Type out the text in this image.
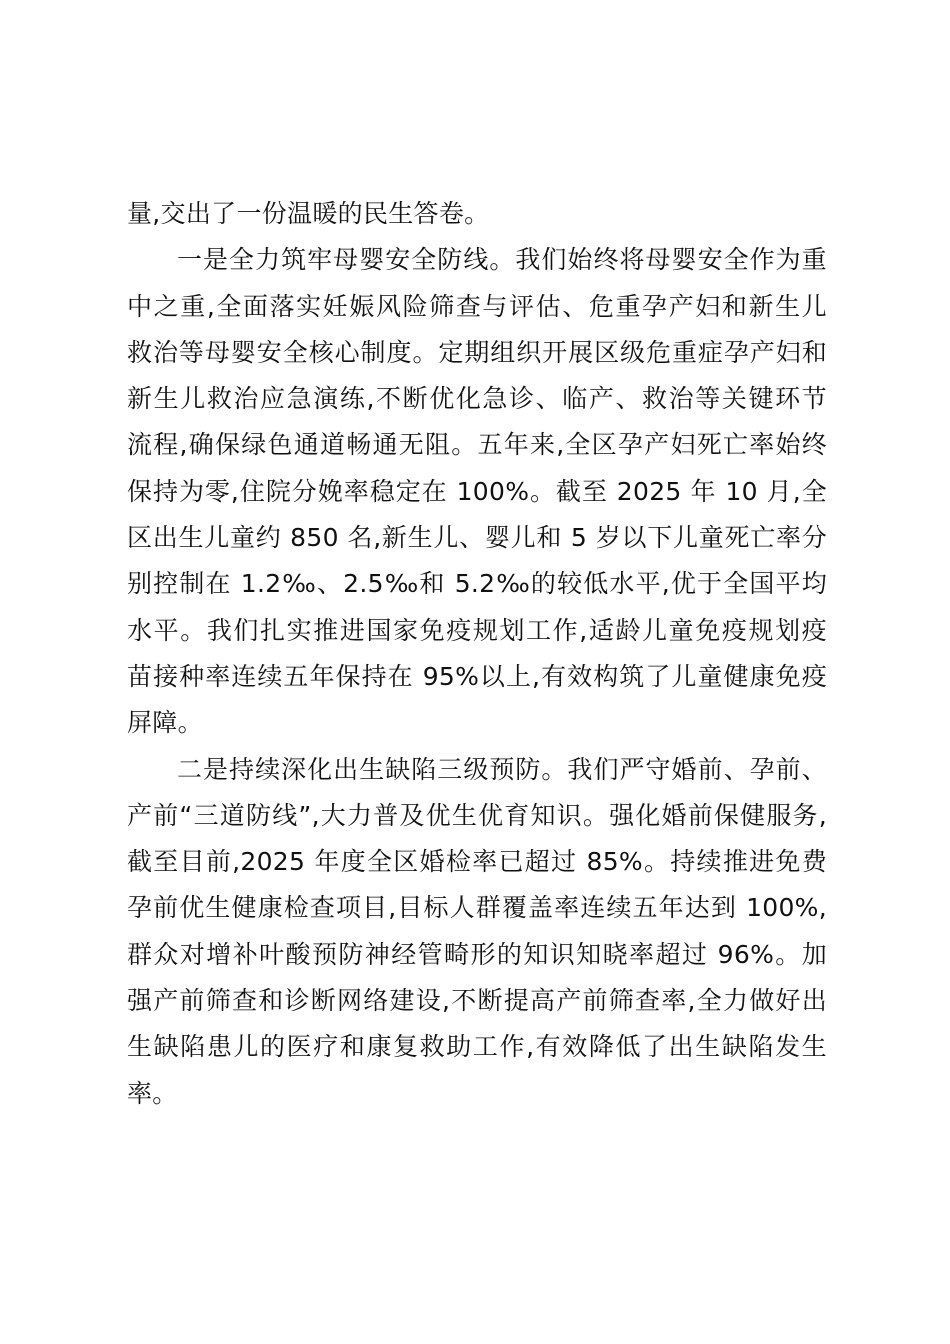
量,交出了一份温暖的民生答卷。
一是全力筑牢母婴安全防线。我们始终将母婴安全作为重
中之重,全面落实妊娠风险筛查与评估、危重孕产妇和新生儿
救治等母婴安全核心制度。定期组织开展区级危重症孕产妇和
新生儿救治应急演练,不断优化急诊、临产、救治等关键环节
流程,确保绿色通道畅通无阻。五年来,全区孕产妇死亡率始终
保持为零,住院分娩率稳定在 100%。截至 2025 年 10 月,全
区出生儿童约 850 名,新生儿、婴儿和 5 岁以下儿童死亡率分
别控制在 1.2‰、2.5‰和 5.2‰的较低水平,优于全国平均
水平。我们扎实推进国家免疫规划工作,适龄儿童免疫规划疫
苗接种率连续五年保持在 95%以上,有效构筑了儿童健康免疫
屏障。
二是持续深化出生缺陷三级预防。我们严守婚前、孕前、
产前“三道防线”,大力普及优生优育知识。强化婚前保健服务,
截至目前,2025 年度全区婚检率已超过 85%。持续推进免费
孕前优生健康检查项目,目标人群覆盖率连续五年达到 100%,
群众对增补叶酸预防神经管畸形的知识知晓率超过 96%。加
强产前筛查和诊断网络建设,不断提高产前筛查率,全力做好出
生缺陷患儿的医疗和康复救助工作,有效降低了出生缺陷发生
率。
